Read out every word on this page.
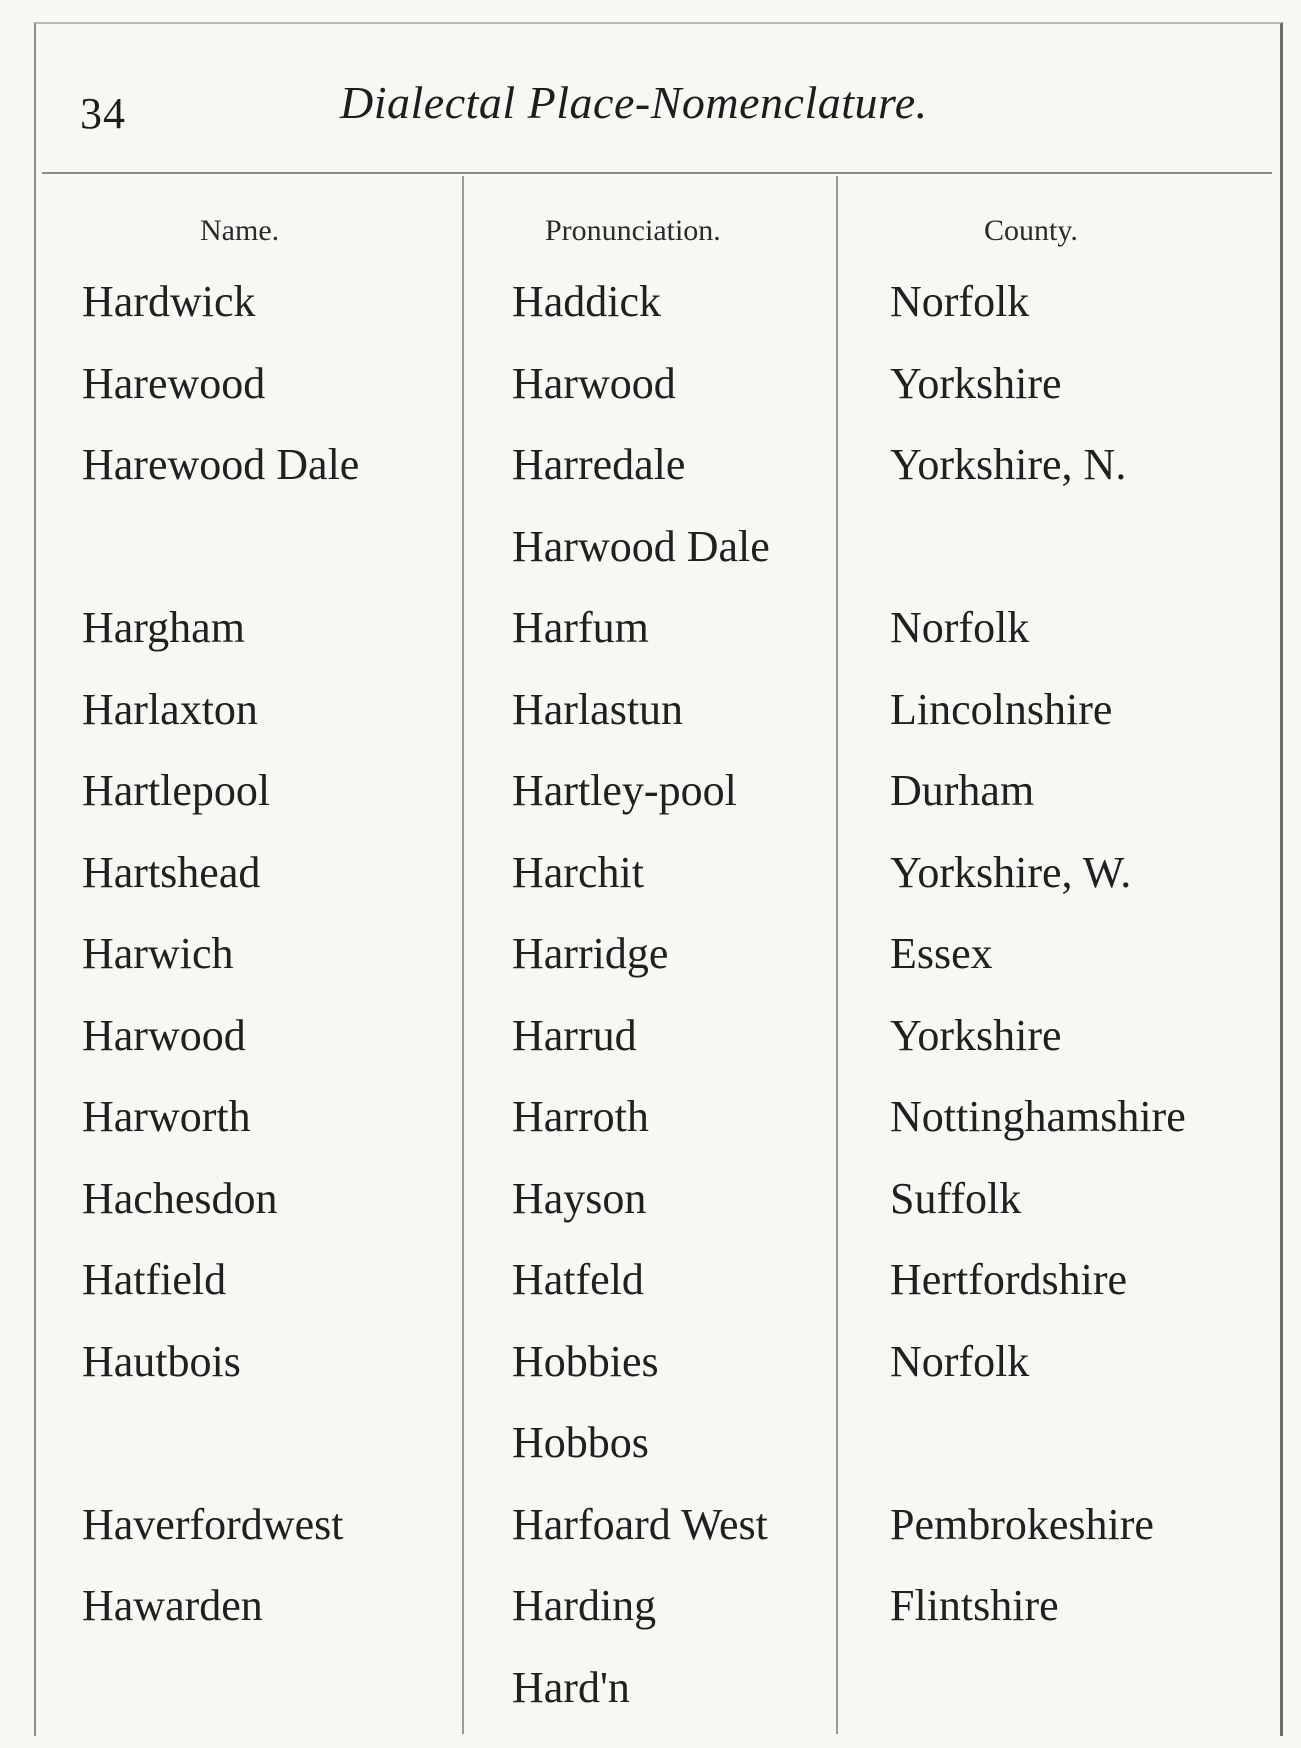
34	Dialectal Place-Nomenclature.
Name.	Pronunciation.	County.
Hardwick	Haddick	Norfolk
Harewood	Harwood	Yorkshire
Harewood Dale	Harredale	Yorkshire, N.
Harwood Dale
Hargham	Harfum	Norfolk
Harlaxton	Harlastun	Lincolnshire
Hartlepool	Hartley-pool	Durham
Hartshead	Harchit	Yorkshire, W.
Harwich	Harridge	Essex
Harwood	Harrud	Yorkshire
Harworth	Harroth	Nottinghamshire
Hachesdon	Hayson	Suffolk
Hatfield	Hatfeld	Hertfordshire
Hautbois	Hobbies	Norfolk
Hobbos
Haverfordwest	Harfoard West	Pembrokeshire
Hawarden	Harding	Flintshire
Hard'n
